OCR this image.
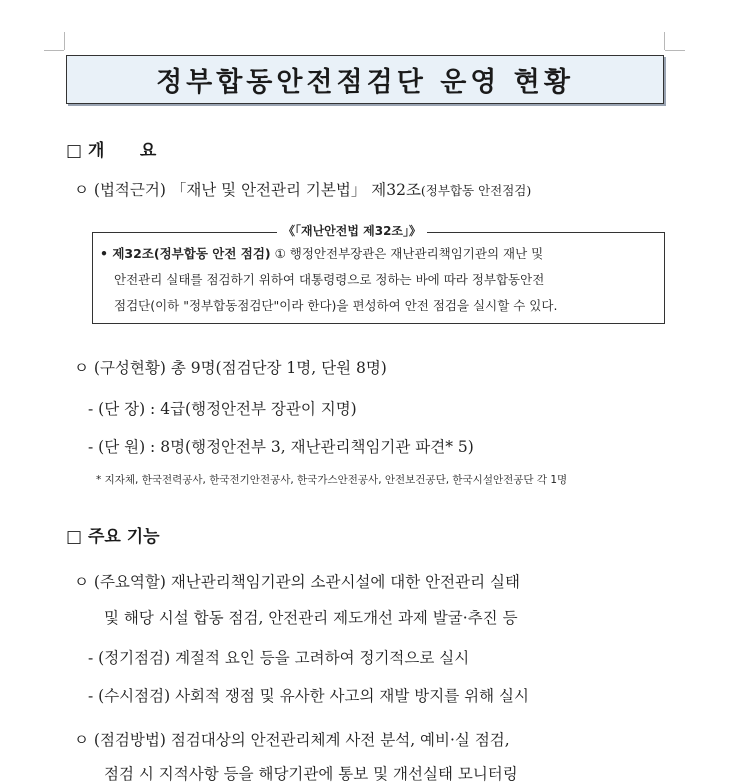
정부합동안전점검단 운영 현황
□ 개      요
ㅇ (법적근거) 「재난 및 안전관리 기본법」 제32조(정부합동 안전점검)
《「재난안전법 제32조」》
• 제32조(정부합동 안전 점검) ① 행정안전부장관은 재난관리책임기관의 재난 및
안전관리 실태를 점검하기 위하여 대통령령으로 정하는 바에 따라 정부합동안전
점검단(이하 "정부합동점검단"이라 한다)을 편성하여 안전 점검을 실시할 수 있다.
ㅇ (구성현황) 총 9명(점검단장 1명, 단원 8명)
- (단 장) : 4급(행정안전부 장관이 지명)
- (단 원) : 8명(행정안전부 3, 재난관리책임기관 파견* 5)
* 지자체, 한국전력공사, 한국전기안전공사, 한국가스안전공사, 안전보건공단, 한국시설안전공단 각 1명
□ 주요 기능
ㅇ (주요역할) 재난관리책임기관의 소관시설에 대한 안전관리 실태
및 해당 시설 합동 점검, 안전관리 제도개선 과제 발굴·추진 등
- (정기점검) 계절적 요인 등을 고려하여 정기적으로 실시
- (수시점검) 사회적 쟁점 및 유사한 사고의 재발 방지를 위해 실시
ㅇ (점검방법) 점검대상의 안전관리체계 사전 분석, 예비·실 점검,
점검 시 지적사항 등을 해당기관에 통보 및 개선실태 모니터링
